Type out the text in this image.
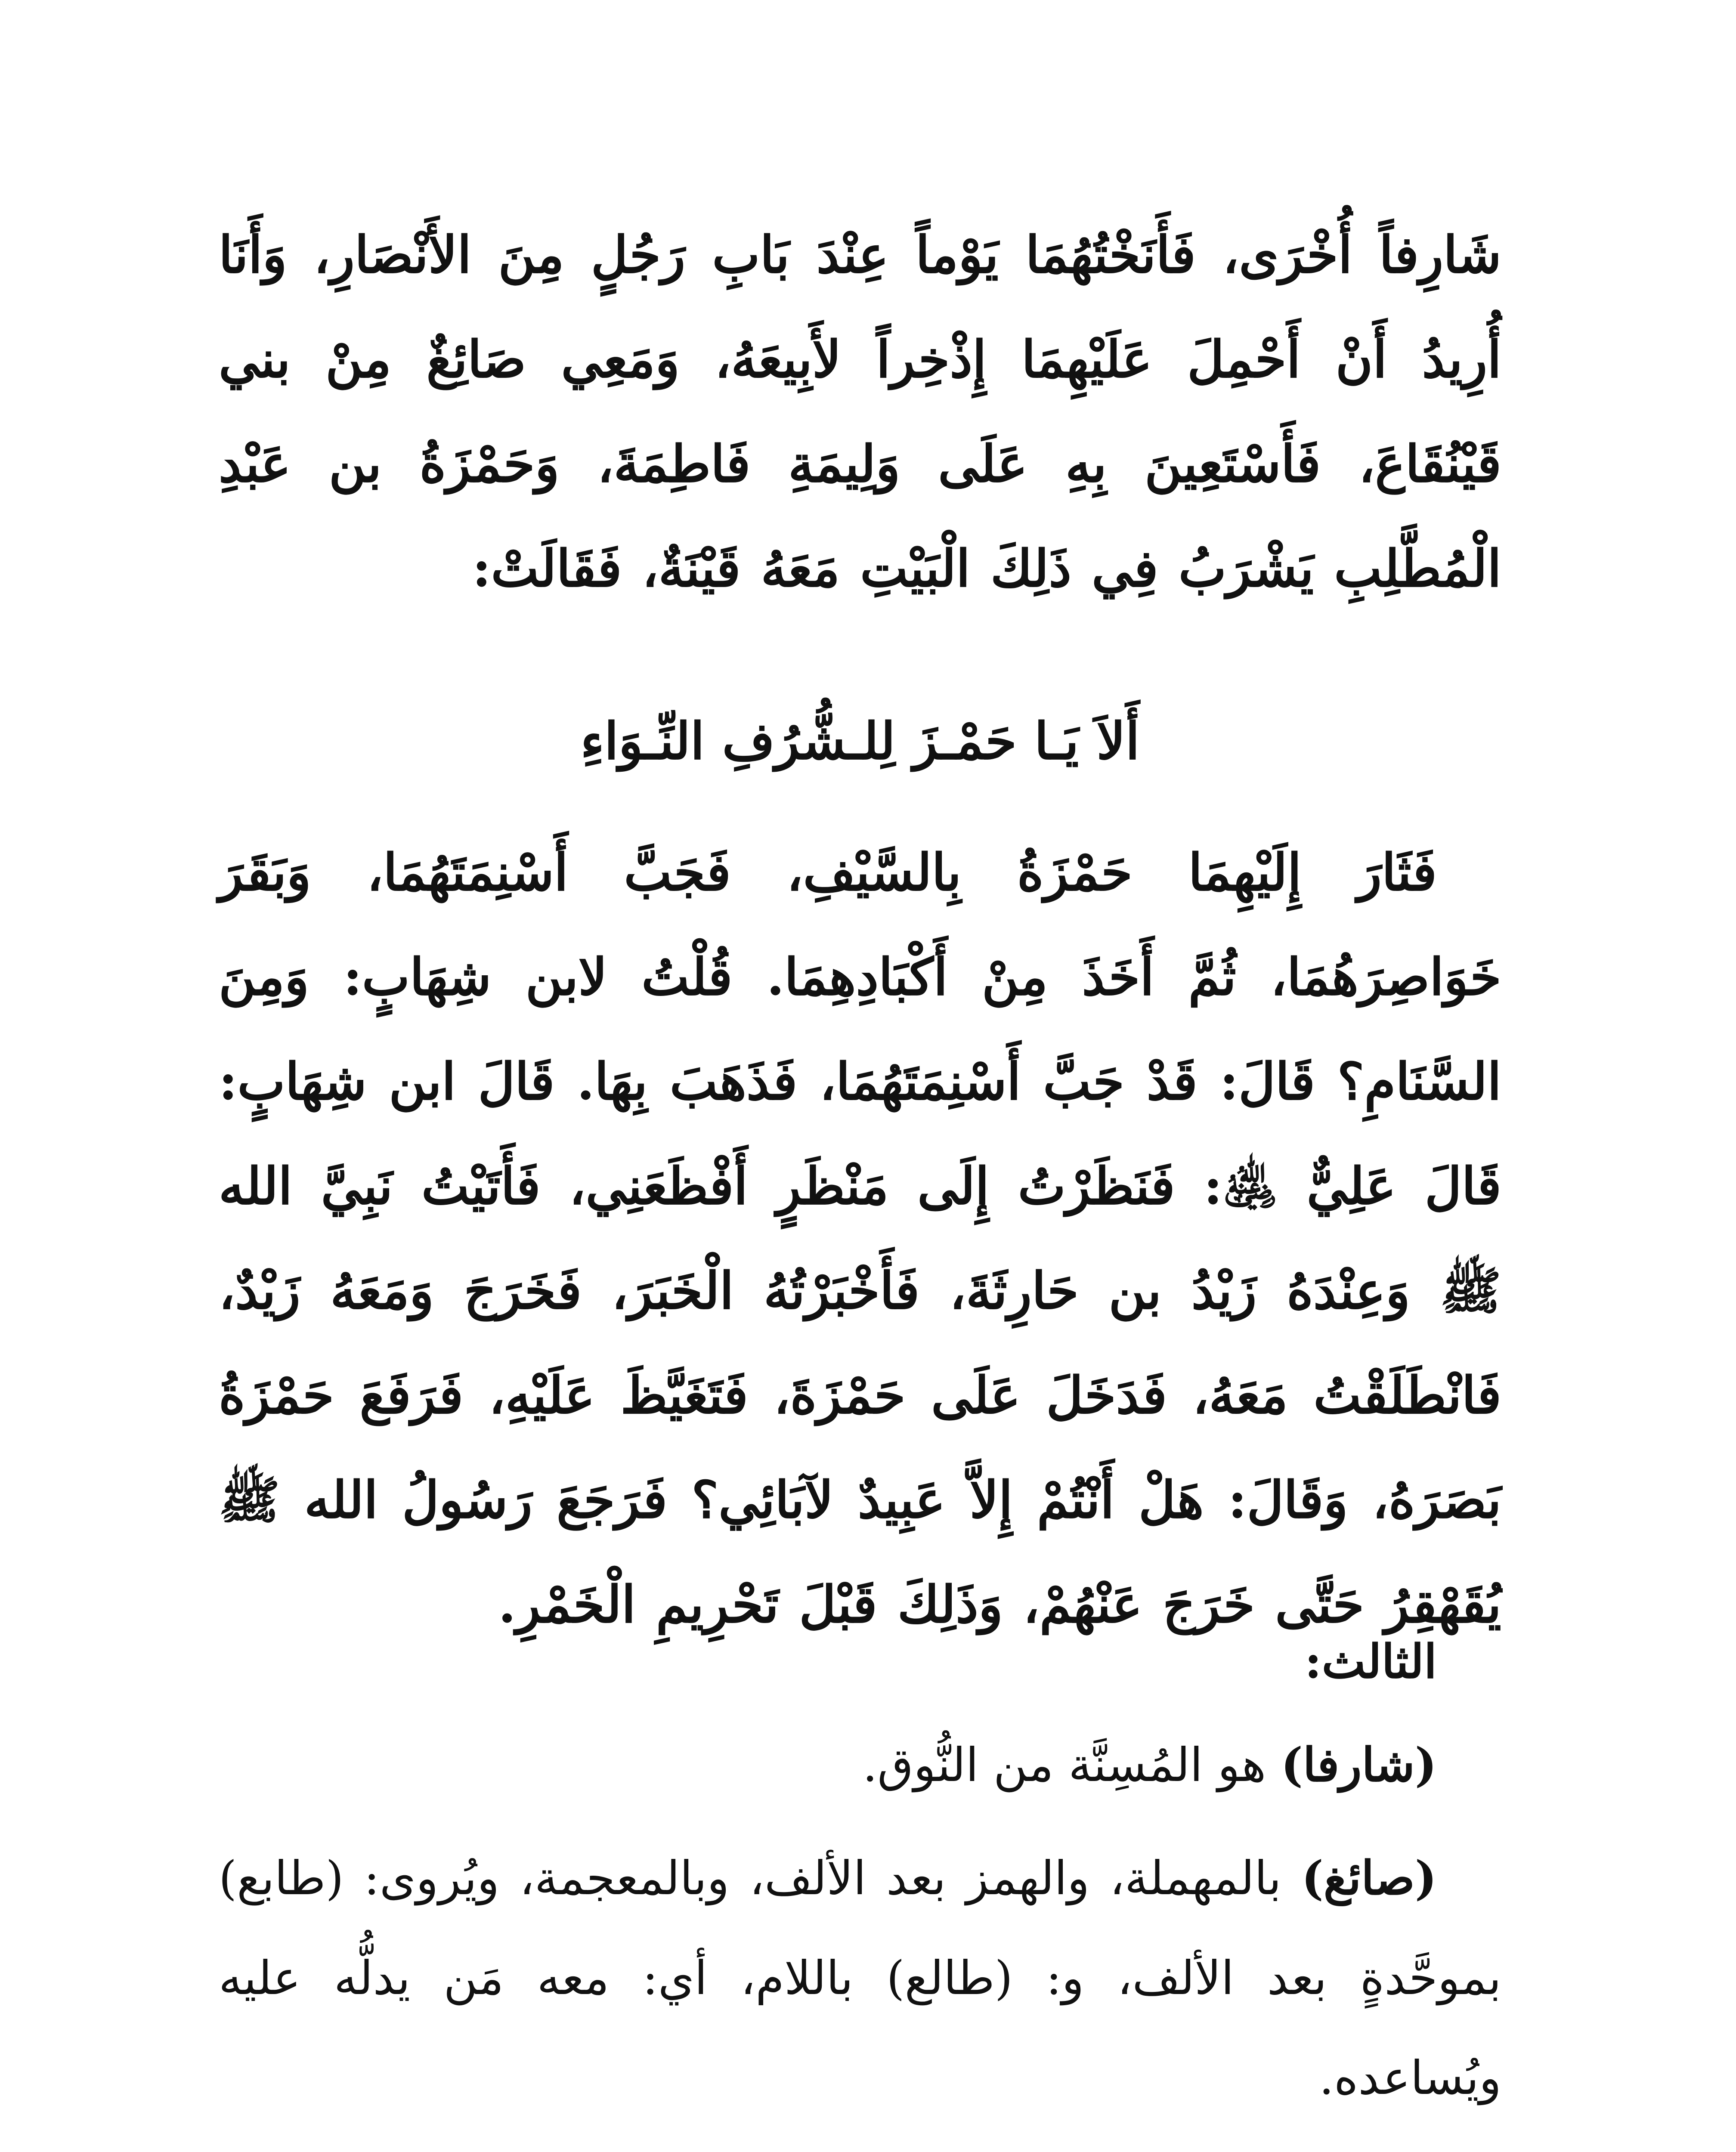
شَارِفاً أُخْرَى، فَأَنَخْتُهُمَا يَوْماً عِنْدَ بَابِ رَجُلٍ مِنَ الأَنْصَارِ، وَأَنَا أُرِيدُ أَنْ أَحْمِلَ عَلَيْهِمَا إِذْخِراً لأَبِيعَهُ، وَمَعِي صَائِغٌ مِنْ بني قَيْنُقَاعَ، فَأَسْتَعِينَ بِهِ عَلَى وَلِيمَةِ فَاطِمَةَ، وَحَمْزَةُ بن عَبْدِ الْمُطَّلِبِ يَشْرَبُ فِي ذَلِكَ الْبَيْتِ مَعَهُ قَيْنَةٌ، فَقَالَتْ:
أَلاَ يَـا حَمْـزَ لِلـشُّرُفِ النِّـوَاءِ

فَثَارَ إِلَيْهِمَا حَمْزَةُ بِالسَّيْفِ، فَجَبَّ أَسْنِمَتَهُمَا، وَبَقَرَ خَوَاصِرَهُمَا، ثُمَّ أَخَذَ مِنْ أَكْبَادِهِمَا. قُلْتُ لابن شِهَابٍ: وَمِنَ السَّنَامِ؟ قَالَ: قَدْ جَبَّ أَسْنِمَتَهُمَا، فَذَهَبَ بِهَا. قَالَ ابن شِهَابٍ: قَالَ عَلِيٌّ ﵁: فَنَظَرْتُ إِلَى مَنْظَرٍ أَفْظَعَنِي، فَأَتَيْتُ نَبِيَّ الله ﷺ وَعِنْدَهُ زَيْدُ بن حَارِثَةَ، فَأَخْبَرْتُهُ الْخَبَرَ، فَخَرَجَ وَمَعَهُ زَيْدٌ، فَانْطَلَقْتُ مَعَهُ، فَدَخَلَ عَلَى حَمْزَةَ، فَتَغَيَّظَ عَلَيْهِ، فَرَفَعَ حَمْزَةُ بَصَرَهُ، وَقَالَ: هَلْ أَنْتُمْ إِلاَّ عَبِيدٌ لآبَائِي؟ فَرَجَعَ رَسُولُ الله ﷺ يُقَهْقِرُ حَتَّى خَرَجَ عَنْهُمْ، وَذَلِكَ قَبْلَ تَحْرِيمِ الْخَمْرِ.

الثالث:

(شارفا) هو المُسِنَّة من النُّوق.

(صائغ) بالمهملة، والهمز بعد الألف، وبالمعجمة، ويُروى: (طابع) بموحَّدةٍ بعد الألف، و: (طالع) باللام، أي: معه مَن يدلُّه عليه ويُساعده.
